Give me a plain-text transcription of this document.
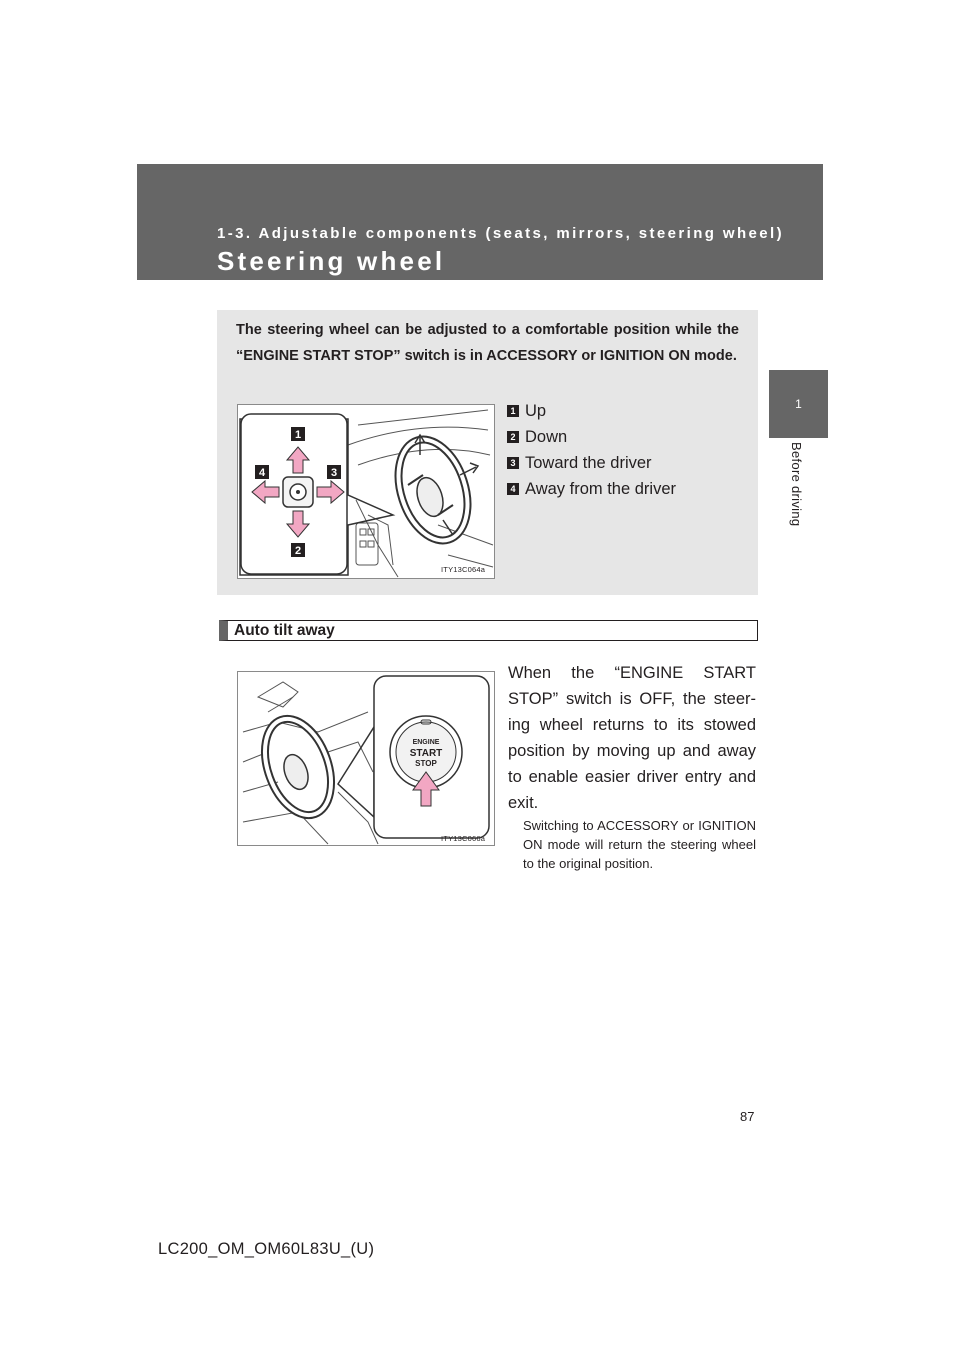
1-3. Adjustable components (seats, mirrors, steering wheel)
Steering wheel
1
Before driving
The steering wheel can be adjusted to a comfortable position while the “ENGINE START STOP” switch is in ACCESSORY or IGNITION ON mode.
1
2
3
4
ITY13C064a
1 Up
2 Down
3 Toward the driver
4 Away from the driver
Auto tilt away
ENGINE
START
STOP
ITY13C066a
When the “ENGINE START STOP” switch is OFF, the steer-ing wheel returns to its stowed position by moving up and away to enable easier driver entry and exit.
Switching to ACCESSORY or IGNITION ON mode will return the steering wheel to the original position.
87
LC200_OM_OM60L83U_(U)
